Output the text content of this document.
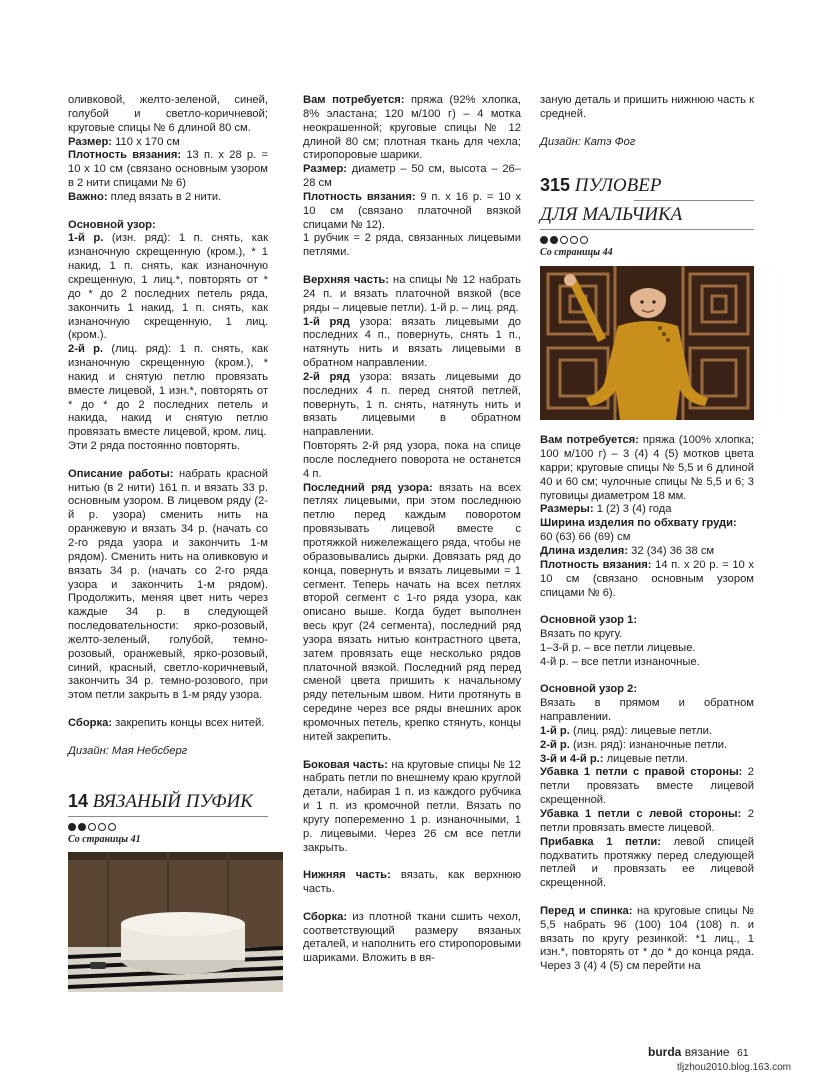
оливковой, желто-зеленой, синей, голубой и светло-коричневой; круговые спицы № 6 длиной 80 см.

Размер: 110 x 170 см

Плотность вязания: 13 п. x 28 р. = 10 x 10 см (связано основным узором в 2 нити спицами № 6)

Важно: плед вязать в 2 нити.

Основной узор:

1-й р. (изн. ряд): 1 п. снять, как изнаночную скрещенную (кром.), * 1 накид, 1 п. снять, как изнаночную скрещенную, 1 лиц.*, повторять от * до * до 2 последних петель ряда, закончить 1 накид, 1 п. снять, как изнаночную скрещенную, 1 лиц. (кром.).

2-й р. (лиц. ряд): 1 п. снять, как изнаночную скрещенную (кром.), * накид и снятую петлю провязать вместе лицевой, 1 изн.*, повторять от * до * до 2 последних петель и накида, накид и снятую петлю провязать вместе лицевой, кром. лиц.

Эти 2 ряда постоянно повторять.

Описание работы: набрать красной нитью (в 2 нити) 161 п. и вязать 33 р. основным узором. В лицевом ряду (2-й р. узора) сменить нить на оранжевую и вязать 34 р. (начать со 2-го ряда узора и закончить 1-м рядом). Сменить нить на оливковую и вязать 34 р. (начать со 2-го ряда узора и закончить 1-м рядом). Продолжить, меняя цвет нить через каждые 34 р. в следующей последовательности: ярко-розовый, желто-зеленый, голубой, темно-розовый, оранжевый, ярко-розовый, синий, красный, светло-коричневый, закончить 34 р. темно-розового, при этом петли закрыть в 1-м ряду узора.

Сборка: закрепить концы всех нитей.

Дизайн: Мая Небсберг

14 ВЯЗАНЫЙ ПУФИК

Со страницы 41

Вам потребуется: пряжа (92% хлопка, 8% эластана; 120 м/100 г) – 4 мотка неокрашенной; круговые спицы № 12 длиной 80 см; плотная ткань для чехла; стиропоровые шарики.

Размер: диаметр – 50 см, высота – 26–28 см

Плотность вязания: 9 п. x 16 р. = 10 x 10 см (связано платочной вязкой спицами № 12).

1 рубчик = 2 ряда, связанных лицевыми петлями.

Верхняя часть: на спицы № 12 набрать 24 п. и вязать платочной вязкой (все ряды – лицевые петли). 1-й р. – лиц. ряд.

1-й ряд узора: вязать лицевыми до последних 4 п., повернуть, снять 1 п., натянуть нить и вязать лицевыми в обратном направлении.

2-й ряд узора: вязать лицевыми до последних 4 п. перед снятой петлей, повернуть, 1 п. снять, натянуть нить и вязать лицевыми в обратном направлении.

Повторять 2-й ряд узора, пока на спице после последнего поворота не останется 4 п.

Последний ряд узора: вязать на всех петлях лицевыми, при этом последнюю петлю перед каждым поворотом провязывать лицевой вместе с протяжкой нижележащего ряда, чтобы не образовывались дырки. Довязать ряд до конца, повернуть и вязать лицевыми = 1 сегмент. Теперь начать на всех петлях второй сегмент с 1-го ряда узора, как описано выше. Когда будет выполнен весь круг (24 сегмента), последний ряд узора вязать нитью контрастного цвета, затем провязать еще несколько рядов платочной вязкой. Последний ряд перед сменой цвета пришить к начальному ряду петельным швом. Нити протянуть в середине через все ряды внешних арок кромочных петель, крепко стянуть, концы нитей закрепить.

Боковая часть: на круговые спицы № 12 набрать петли по внешнему краю круглой детали, набирая 1 п. из каждого рубчика и 1 п. из кромочной петли. Вязать по кругу попеременно 1 р. изнаночными, 1 р. лицевыми. Через 26 см все петли закрыть.

Нижняя часть: вязать, как верхнюю часть.

Сборка: из плотной ткани сшить чехол, соответствующий размеру вязаных деталей, и наполнить его стиропоровыми шариками. Вложить в вя-

заную деталь и пришить нижнюю часть к средней.

Дизайн: Катэ Фог

315 ПУЛОВЕР
ДЛЯ МАЛЬЧИКА

Со страницы 44

Вам потребуется: пряжа (100% хлопка; 100 м/100 г) – 3 (4) 4 (5) мотков цвета карри; круговые спицы № 5,5 и 6 длиной 40 и 60 см; чулочные спицы № 5,5 и 6; 3 пуговицы диаметром 18 мм.

Размеры: 1 (2) 3 (4) года

Ширина изделия по обхвату груди:

60 (63) 66 (69) см

Длина изделия: 32 (34) 36 38 см

Плотность вязания: 14 п. x 20 р. = 10 x 10 см (связано основным узором спицами № 6).

Основной узор 1:

Вязать по кругу.

1–3-й р. – все петли лицевые.

4-й р. – все петли изнаночные.

Основной узор 2:

Вязать в прямом и обратном направлении.

1-й р. (лиц. ряд): лицевые петли.

2-й р. (изн. ряд): изнаночные петли.

3-й и 4-й р.: лицевые петли.

Убавка 1 петли с правой стороны: 2 петли провязать вместе лицевой скрещенной.

Убавка 1 петли с левой стороны: 2 петли провязать вместе лицевой.

Прибавка 1 петли: левой спицей подхватить протяжку перед следующей петлей и провязать ее лицевой скрещенной.

Перед и спинка: на круговые спицы № 5,5 набрать 96 (100) 104 (108) п. и вязать по кругу резинкой: *1 лиц., 1 изн.*, повторять от * до * до конца ряда. Через 3 (4) 4 (5) см перейти на

burda вязание 61
tljzhou2010.blog.163.com
